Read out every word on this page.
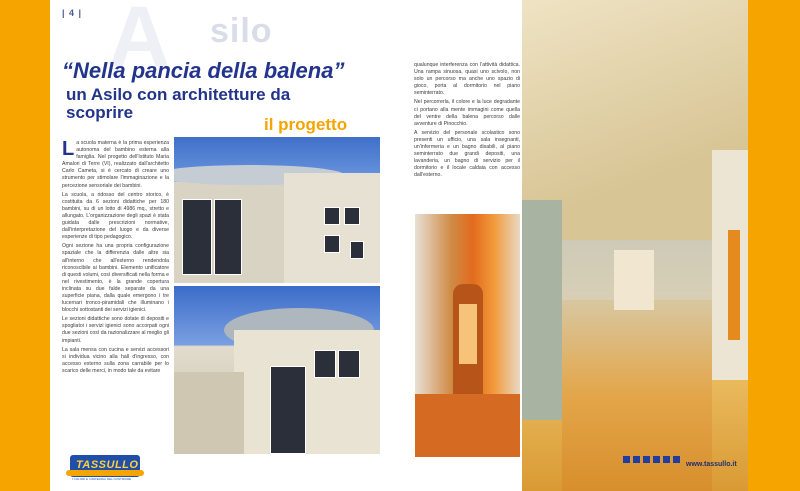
| 4 | A silo
“Nella pancia della balena”
un Asilo con architetture da scoprire
il progetto
L a scuola materna è la prima esperienza autonoma del bambino esterna alla famiglia. Nel progetto dell'Istituto Maria Amalori di Terre (VI), realizzato dall'architetto Carlo Cameta, si è cercato di creare uno strumento per stimolare l'immaginazione e la percezione sensoriale dei bambini.

La scuola, a ridosso del centro storico, è costituita da 6 sezioni didattiche per 180 bambini, su di un lotto di 4986 mq., stretto e allungato. L'organizzazione degli spazi è stata guidata dalle prescrizioni normative, dall'interpretazione del luogo e da diverse esperienze di tipo pedagogico.

Ogni sezione ha una propria configurazione spaziale che la differenzia dalle altre sia all'interno che all'esterno rendendola riconoscibile ai bambini. Elemento unificatore di questi volumi, così diversificati nella forma e nel rivestimento, è la grande copertura inclinata su due falde separate da una superficie piana, dalla quale emergono i tre lucernari tronco-piramidali che illuminano i blocchi sottostanti dei servizi igienici.

Le sezioni didattiche sono dotate di depositi e spogliatoi i servizi igienici sono accorpati ogni due sezioni così da razionalizzare al meglio gli impianti.

La sala mensa con cucina e servizi accessori si individua vicino alla hall d'ingresso, con accesso esterno sulla zona carrabile per lo scarico delle merci, in modo tale da evitare

qualunque interferenza con l'attività didattica. Una rampa sinuosa, quasi uno scivolo, non solo un percorso ma anche uno spazio di gioco, porta al dormitorio nel piano seminterrato.

Nel percorrerla, il colore e la luce degradante ci portano alla mente immagini come quella del ventre della balena percorso dalle avventure di Pinocchio.

A servizio del personale scolastico sono presenti un ufficio, una sala insegnanti, un'infermeria e un bagno disabili, al piano seminterrato due grandi depositi, una lavanderia, un bagno di servizio per il dormitorio e il locale caldaia con accesso dall'esterno.

TASSULLO
I COLORI E I MATERIALI DEL COSTRUIRE
www.tassullo.it
